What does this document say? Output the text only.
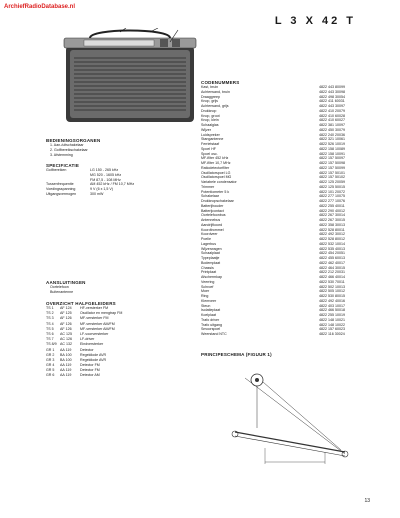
ArchiefRadioDatabase.nl
L 3 X 42 T
BEDIENINGSORGANEN
1. Aan-/uitschakelaar
2. Golfbereikschakelaar
3. Afstemming
SPECIFICATIE
Golfbereiken	LG 150 - 265 kHz
MG 520 - 1605 kHz
FM 87,5 - 108 MHz
Tussenfrequentie	AM 452 kHz / FM 10,7 MHz
Voedingsspanning	9 V (6 x 1,5 V)
Uitgangsvermogen	300 mW
AANSLUITINGEN
Oortelefoon
Buitenantenne
OVERZICHT HALFGELEIDERS
TS 1	AF 124	HF-versterker FM
TS 2	AF 125	Oscillator en mengtrap FM
TS 3	AF 126	MF-versterker FM
TS 4	AF 126	MF-versterker AM/FM
TS 5	AF 126	MF-versterker AM/FM
TS 6	AC 125	LF-voorversterker
TS 7	AC 126	LF-driver
TS 8/9 AC 132	Eindversterker
GR 1	AA 119	Detector
GR 2	BA 100	Regeldiode AVR
GR 3	BA 100	Regeldiode AVR
GR 4	AA 119	Detector FM
GR 5	AA 119	Detector FM
GR 6	AA 119	Detector AM
CODENUMMERS
Kast, bruin	4822 443 80099
Achterwand, bruin	4822 443 30098
Draaggreep	4822 498 30054
Knop, grijs	4822 411 60031
Achterwand, grijs	4822 443 30097
Drukknop	4822 410 20079
Knop, groot	4822 410 60028
Knop, klein	4822 410 60027
Schaalglas	4822 381 10097
Wijzer	4822 450 30079
Luidspreker	4822 240 20036
Stangantenne	4822 321 10061
Ferrietstaaf	4822 526 10019
Spoel HF	4822 158 10089
Spoel osc.	4822 158 10091
MF-filter 452 kHz	4822 157 50097
MF-filter 10,7 MHz	4822 157 50098
Ratiodetectorfilter	4822 157 50099
Oscillatorspoel LG	4822 157 50101
Oscillatorspoel MG	4822 157 50102
Variabele condensator	4822 125 20059
Trimmer	4822 125 50015
Potentiometer 5 k	4822 101 20072
Schakelaar	4822 277 10075
Drukknopschakelaar	4822 277 10076
Batterijhouder	4822 255 40011
Batterijcontact	4822 290 40012
Oortelefoonbus	4822 267 30014
Antennebus	4822 267 30015
Aandrijfkoord	4822 358 30013
Koordtrommel	4822 528 80011
Koordveer	4822 492 30012
Poelie	4822 528 80012
Lagerbus	4822 532 10014
Wijzerwagen	4822 535 40013
Schaalplaat	4822 454 20051
Typeplaatje	4822 455 60013
Bodemplaat	4822 462 40017
Chassis	4822 464 30015
Printplaat	4822 212 20031
Afschermkap	4822 466 40014
Veerring	4822 530 70011
Schroef	4822 502 10013
Moer	4822 505 10012
Ring	4822 530 80015
Klemveer	4822 492 40016
Steun	4822 403 10017
Isolatieplaat	4822 466 50018
Koelplaat	4822 255 10019
Trafo driver	4822 148 10021
Trafo uitgang	4822 148 10022
Smoorspoel	4822 157 60023
Weerstand NTC	4822 116 30024
PRINCIPESCHEMA (FIGUUR 1)
13
